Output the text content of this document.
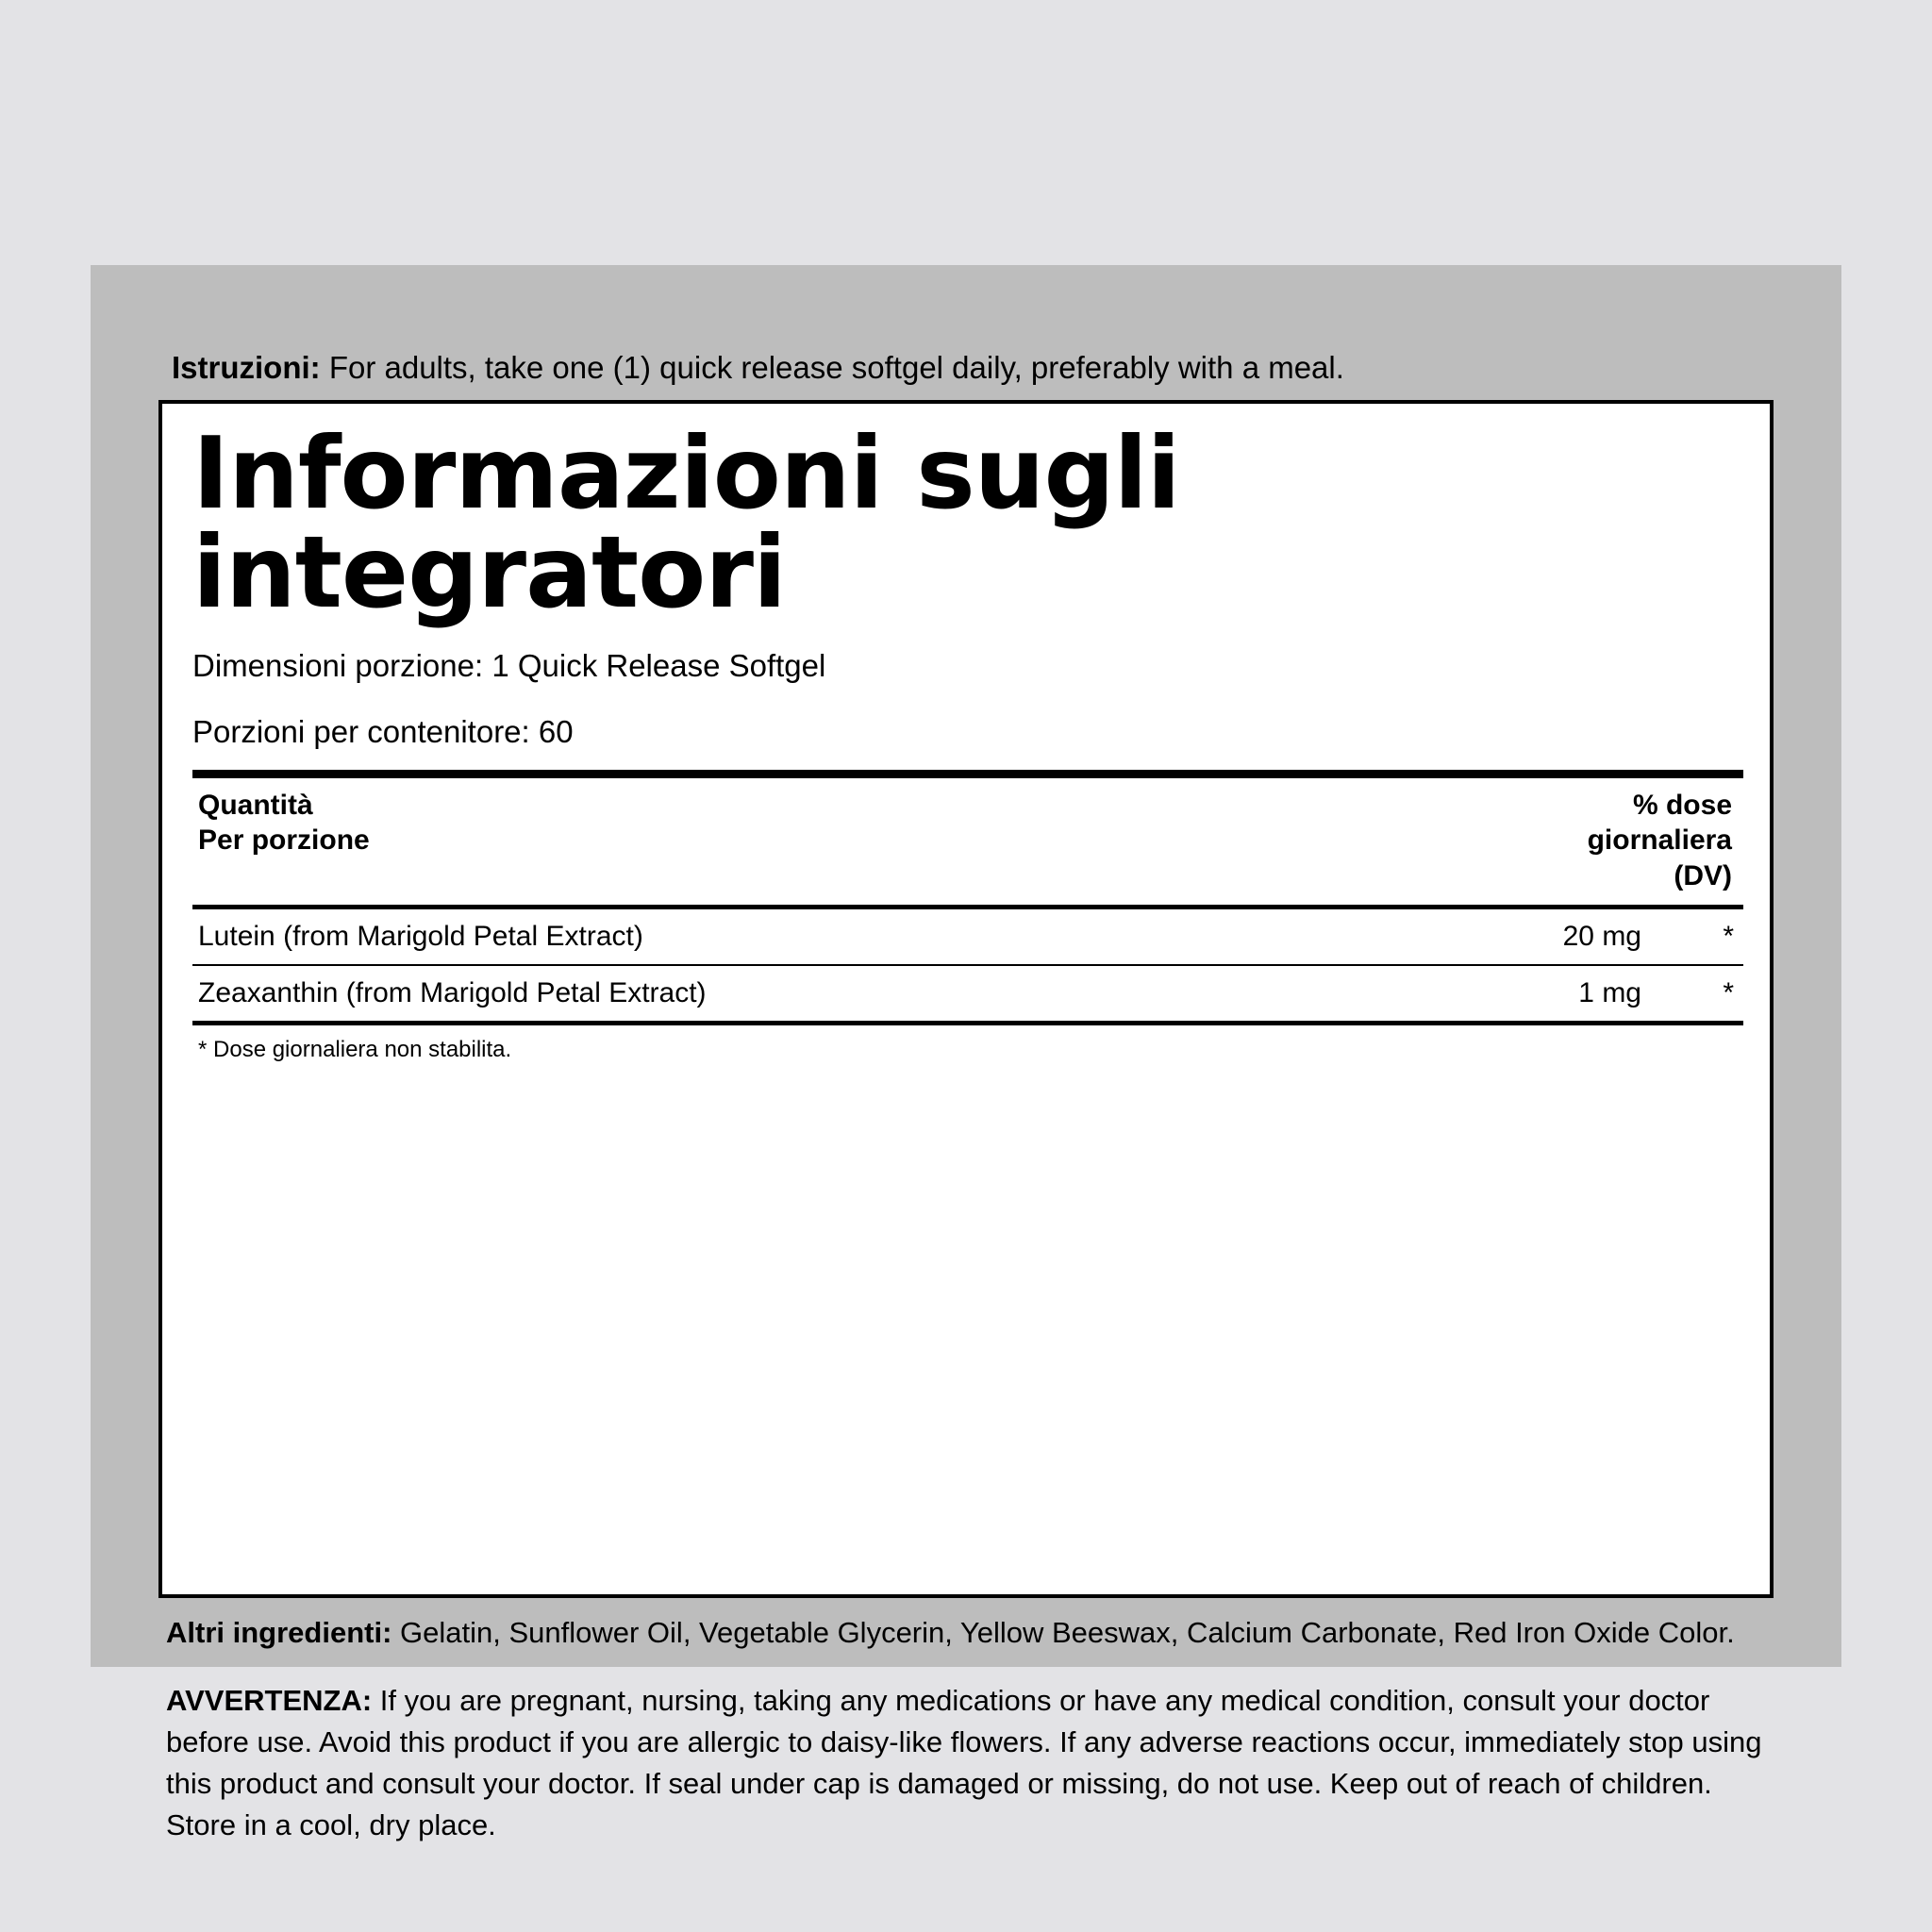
Istruzioni: For adults, take one (1) quick release softgel daily, preferably with a meal.
Informazioni sugli integratori
Dimensioni porzione: 1 Quick Release Softgel
Porzioni per contenitore: 60
Quantità
Per porzione
% dose
giornaliera
(DV)
Lutein (from Marigold Petal Extract)	20 mg	*
Zeaxanthin (from Marigold Petal Extract)	1 mg	*
* Dose giornaliera non stabilita.
Altri ingredienti: Gelatin, Sunflower Oil, Vegetable Glycerin, Yellow Beeswax, Calcium Carbonate, Red Iron Oxide Color.
AVVERTENZA: If you are pregnant, nursing, taking any medications or have any medical condition, consult your doctor before use. Avoid this product if you are allergic to daisy-like flowers. If any adverse reactions occur, immediately stop using this product and consult your doctor. If seal under cap is damaged or missing, do not use. Keep out of reach of children. Store in a cool, dry place.
